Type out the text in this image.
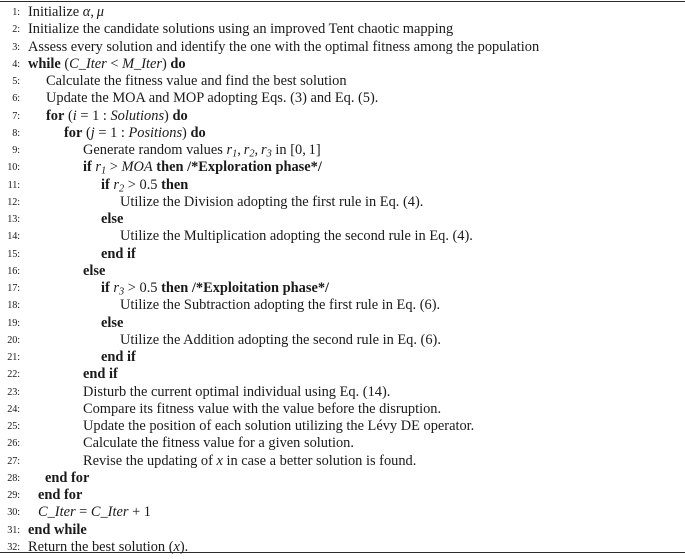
1 : Initialize α, μ
2 : Initialize the candidate solutions using an improved Tent chaotic mapping
3 : Assess every solution and identify the one with the optimal fitness among the population
4 : while (C_Iter < M_Iter) do
5 : Calculate the fitness value and find the best solution
6 : Update the MOA and MOP adopting Eqs. (3) and Eq. (5).
7 : for (i = 1 : Solutions) do
8 :	for (j = 1 : Positions) do
9 :	Generate random values $r_1$, $r_2$, $r_3$ in [0, 1]
10 :	if $r_1$ > MOA then /*Exploration phase*/
11 :	if $r_2 > 0.5$ then
12 :	Utilize the Division adopting the first rule in Eq. (4).
13 :	else
14 :	Utilize the Multiplication adopting the second rule in Eq. (4).
15 :	end if
16 :	else
17 :	if $r_3 > 0.5$ then /*Exploitation phase*/
18 :	Utilize the Subtraction adopting the first rule in Eq. (6).
19 :	else
20 :	Utilize the Addition adopting the second rule in Eq. (6).
21 :	end if
22 :	end if
23 :	Disturb the current optimal individual using Eq. (14).
24 :	Compare its fitness value with the value before the disruption.
25 :	Update the position of each solution utilizing the Lévy DE operator.
26 :	Calculate the fitness value for a given solution.
27 :	Revise the updating of x in case a better solution is found.
28 : end for
29 : end for
30 : C_Iter = C_Iter + 1
31 : end while
32 : Return the best solution (x).
